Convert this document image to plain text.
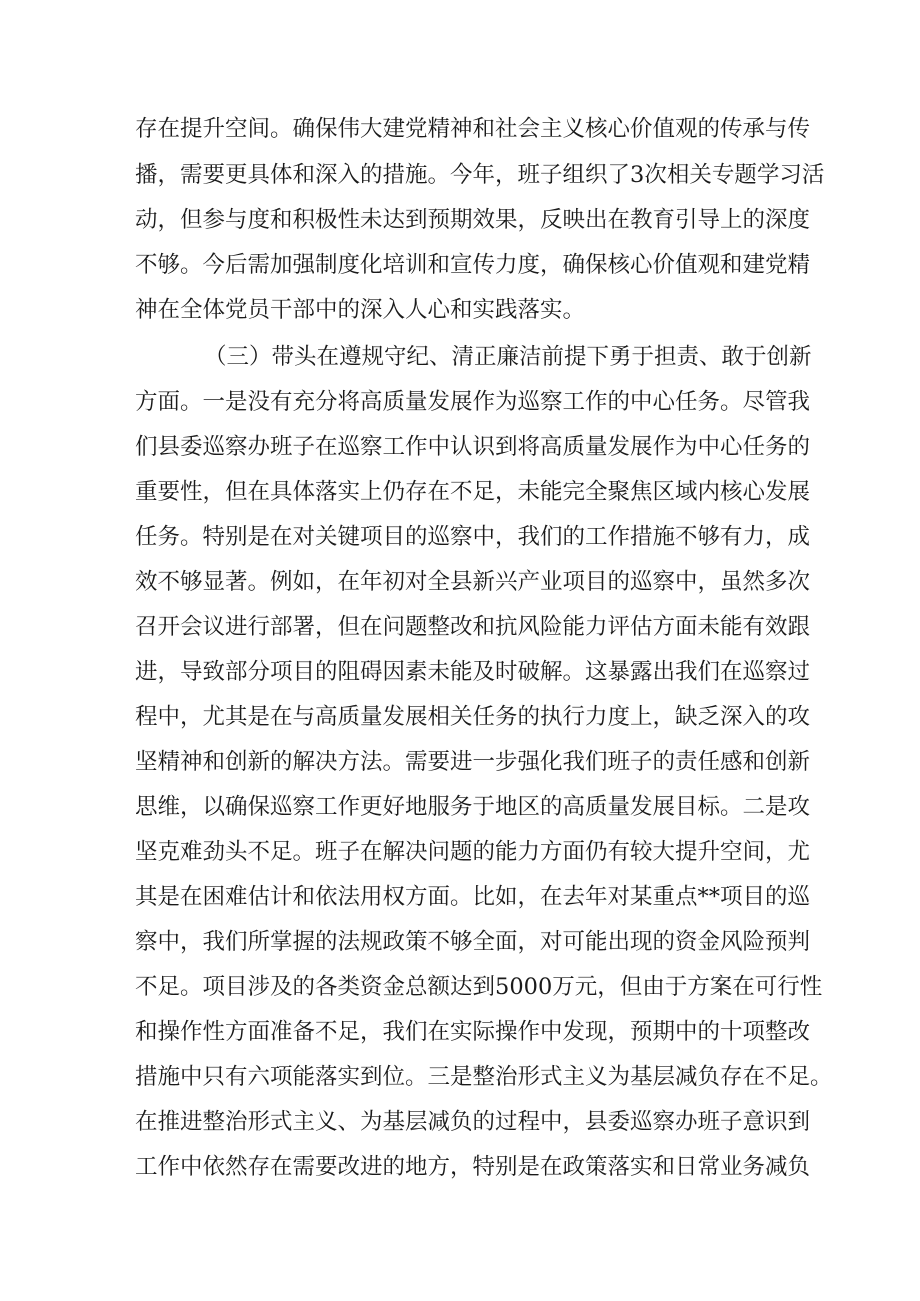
存在提升空间。确保伟大建党精神和社会主义核心价值观的传承与传
播，需要更具体和深入的措施。今年，班子组织了3次相关专题学习活
动，但参与度和积极性未达到预期效果，反映出在教育引导上的深度
不够。今后需加强制度化培训和宣传力度，确保核心价值观和建党精
神在全体党员干部中的深入人心和实践落实。
（三）带头在遵规守纪、清正廉洁前提下勇于担责、敢于创新
方面。一是没有充分将高质量发展作为巡察工作的中心任务。尽管我
们县委巡察办班子在巡察工作中认识到将高质量发展作为中心任务的
重要性，但在具体落实上仍存在不足，未能完全聚焦区域内核心发展
任务。特别是在对关键项目的巡察中，我们的工作措施不够有力，成
效不够显著。例如，在年初对全县新兴产业项目的巡察中，虽然多次
召开会议进行部署，但在问题整改和抗风险能力评估方面未能有效跟
进，导致部分项目的阻碍因素未能及时破解。这暴露出我们在巡察过
程中，尤其是在与高质量发展相关任务的执行力度上，缺乏深入的攻
坚精神和创新的解决方法。需要进一步强化我们班子的责任感和创新
思维，以确保巡察工作更好地服务于地区的高质量发展目标。二是攻
坚克难劲头不足。班子在解决问题的能力方面仍有较大提升空间，尤
其是在困难估计和依法用权方面。比如，在去年对某重点**项目的巡
察中，我们所掌握的法规政策不够全面，对可能出现的资金风险预判
不足。项目涉及的各类资金总额达到5000万元，但由于方案在可行性
和操作性方面准备不足，我们在实际操作中发现，预期中的十项整改
措施中只有六项能落实到位。三是整治形式主义为基层减负存在不足。
在推进整治形式主义、为基层减负的过程中，县委巡察办班子意识到
工作中依然存在需要改进的地方，特别是在政策落实和日常业务减负
